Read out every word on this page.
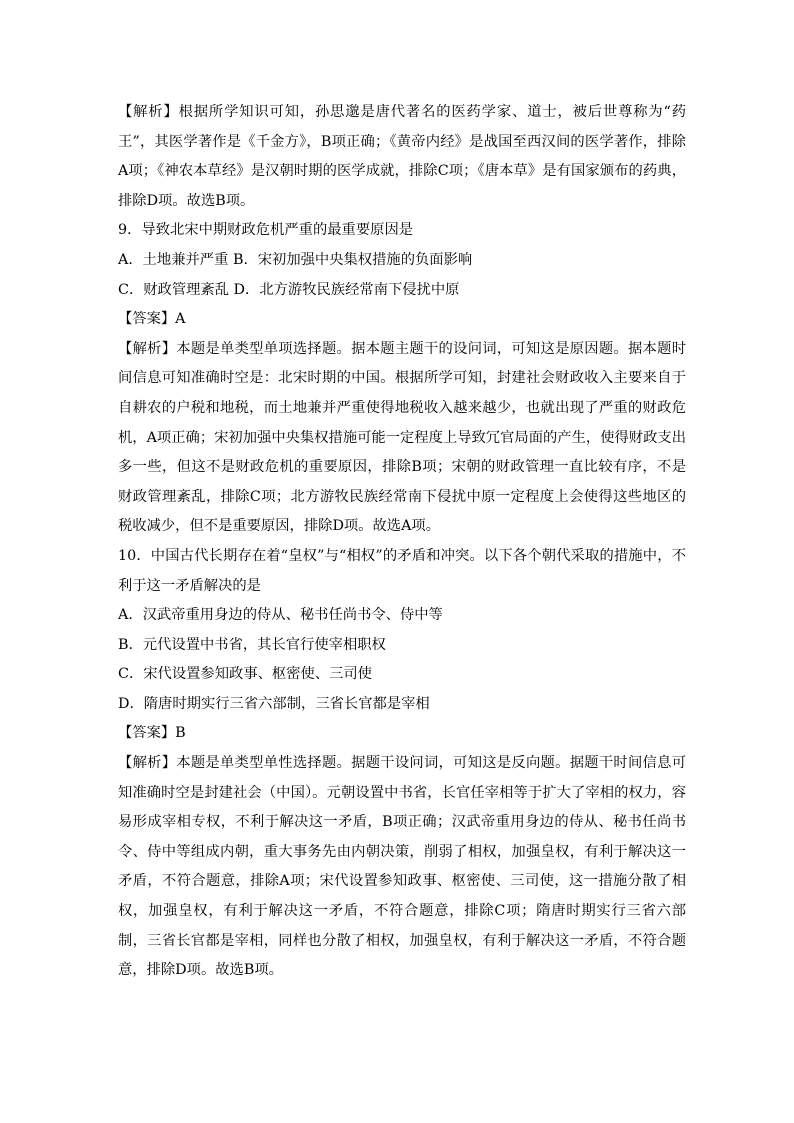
【解析】根据所学知识可知，孙思邈是唐代著名的医药学家、道士，被后世尊称为“药王”，其医学著作是《千金方》，B项正确；《黄帝内经》是战国至西汉间的医学著作，排除A项；《神农本草经》是汉朝时期的医学成就，排除C项；《唐本草》是有国家颁布的药典，排除D项。故选B项。

9．导致北宋中期财政危机严重的最重要原因是

A．土地兼并严重 B．宋初加强中央集权措施的负面影响

C．财政管理紊乱 D．北方游牧民族经常南下侵扰中原

【答案】A

【解析】本题是单类型单项选择题。据本题主题干的设问词，可知这是原因题。据本题时间信息可知准确时空是：北宋时期的中国。根据所学可知，封建社会财政收入主要来自于自耕农的户税和地税，而土地兼并严重使得地税收入越来越少，也就出现了严重的财政危机，A项正确；宋初加强中央集权措施可能一定程度上导致冗官局面的产生，使得财政支出多一些，但这不是财政危机的重要原因，排除B项；宋朝的财政管理一直比较有序，不是财政管理紊乱，排除C项；北方游牧民族经常南下侵扰中原一定程度上会使得这些地区的税收减少，但不是重要原因，排除D项。故选A项。

10．中国古代长期存在着“皇权”与“相权”的矛盾和冲突。以下各个朝代采取的措施中，不利于这一矛盾解决的是

A．汉武帝重用身边的侍从、秘书任尚书令、侍中等

B．元代设置中书省，其长官行使宰相职权

C．宋代设置参知政事、枢密使、三司使

D．隋唐时期实行三省六部制，三省长官都是宰相

【答案】B

【解析】本题是单类型单性选择题。据题干设问词，可知这是反向题。据题干时间信息可知准确时空是封建社会（中国）。元朝设置中书省，长官任宰相等于扩大了宰相的权力，容易形成宰相专权，不利于解决这一矛盾，B项正确；汉武帝重用身边的侍从、秘书任尚书令、侍中等组成内朝，重大事务先由内朝决策，削弱了相权，加强皇权，有利于解决这一矛盾，不符合题意，排除A项；宋代设置参知政事、枢密使、三司使，这一措施分散了相权，加强皇权，有利于解决这一矛盾，不符合题意，排除C项；隋唐时期实行三省六部制，三省长官都是宰相，同样也分散了相权，加强皇权，有利于解决这一矛盾，不符合题意，排除D项。故选B项。
